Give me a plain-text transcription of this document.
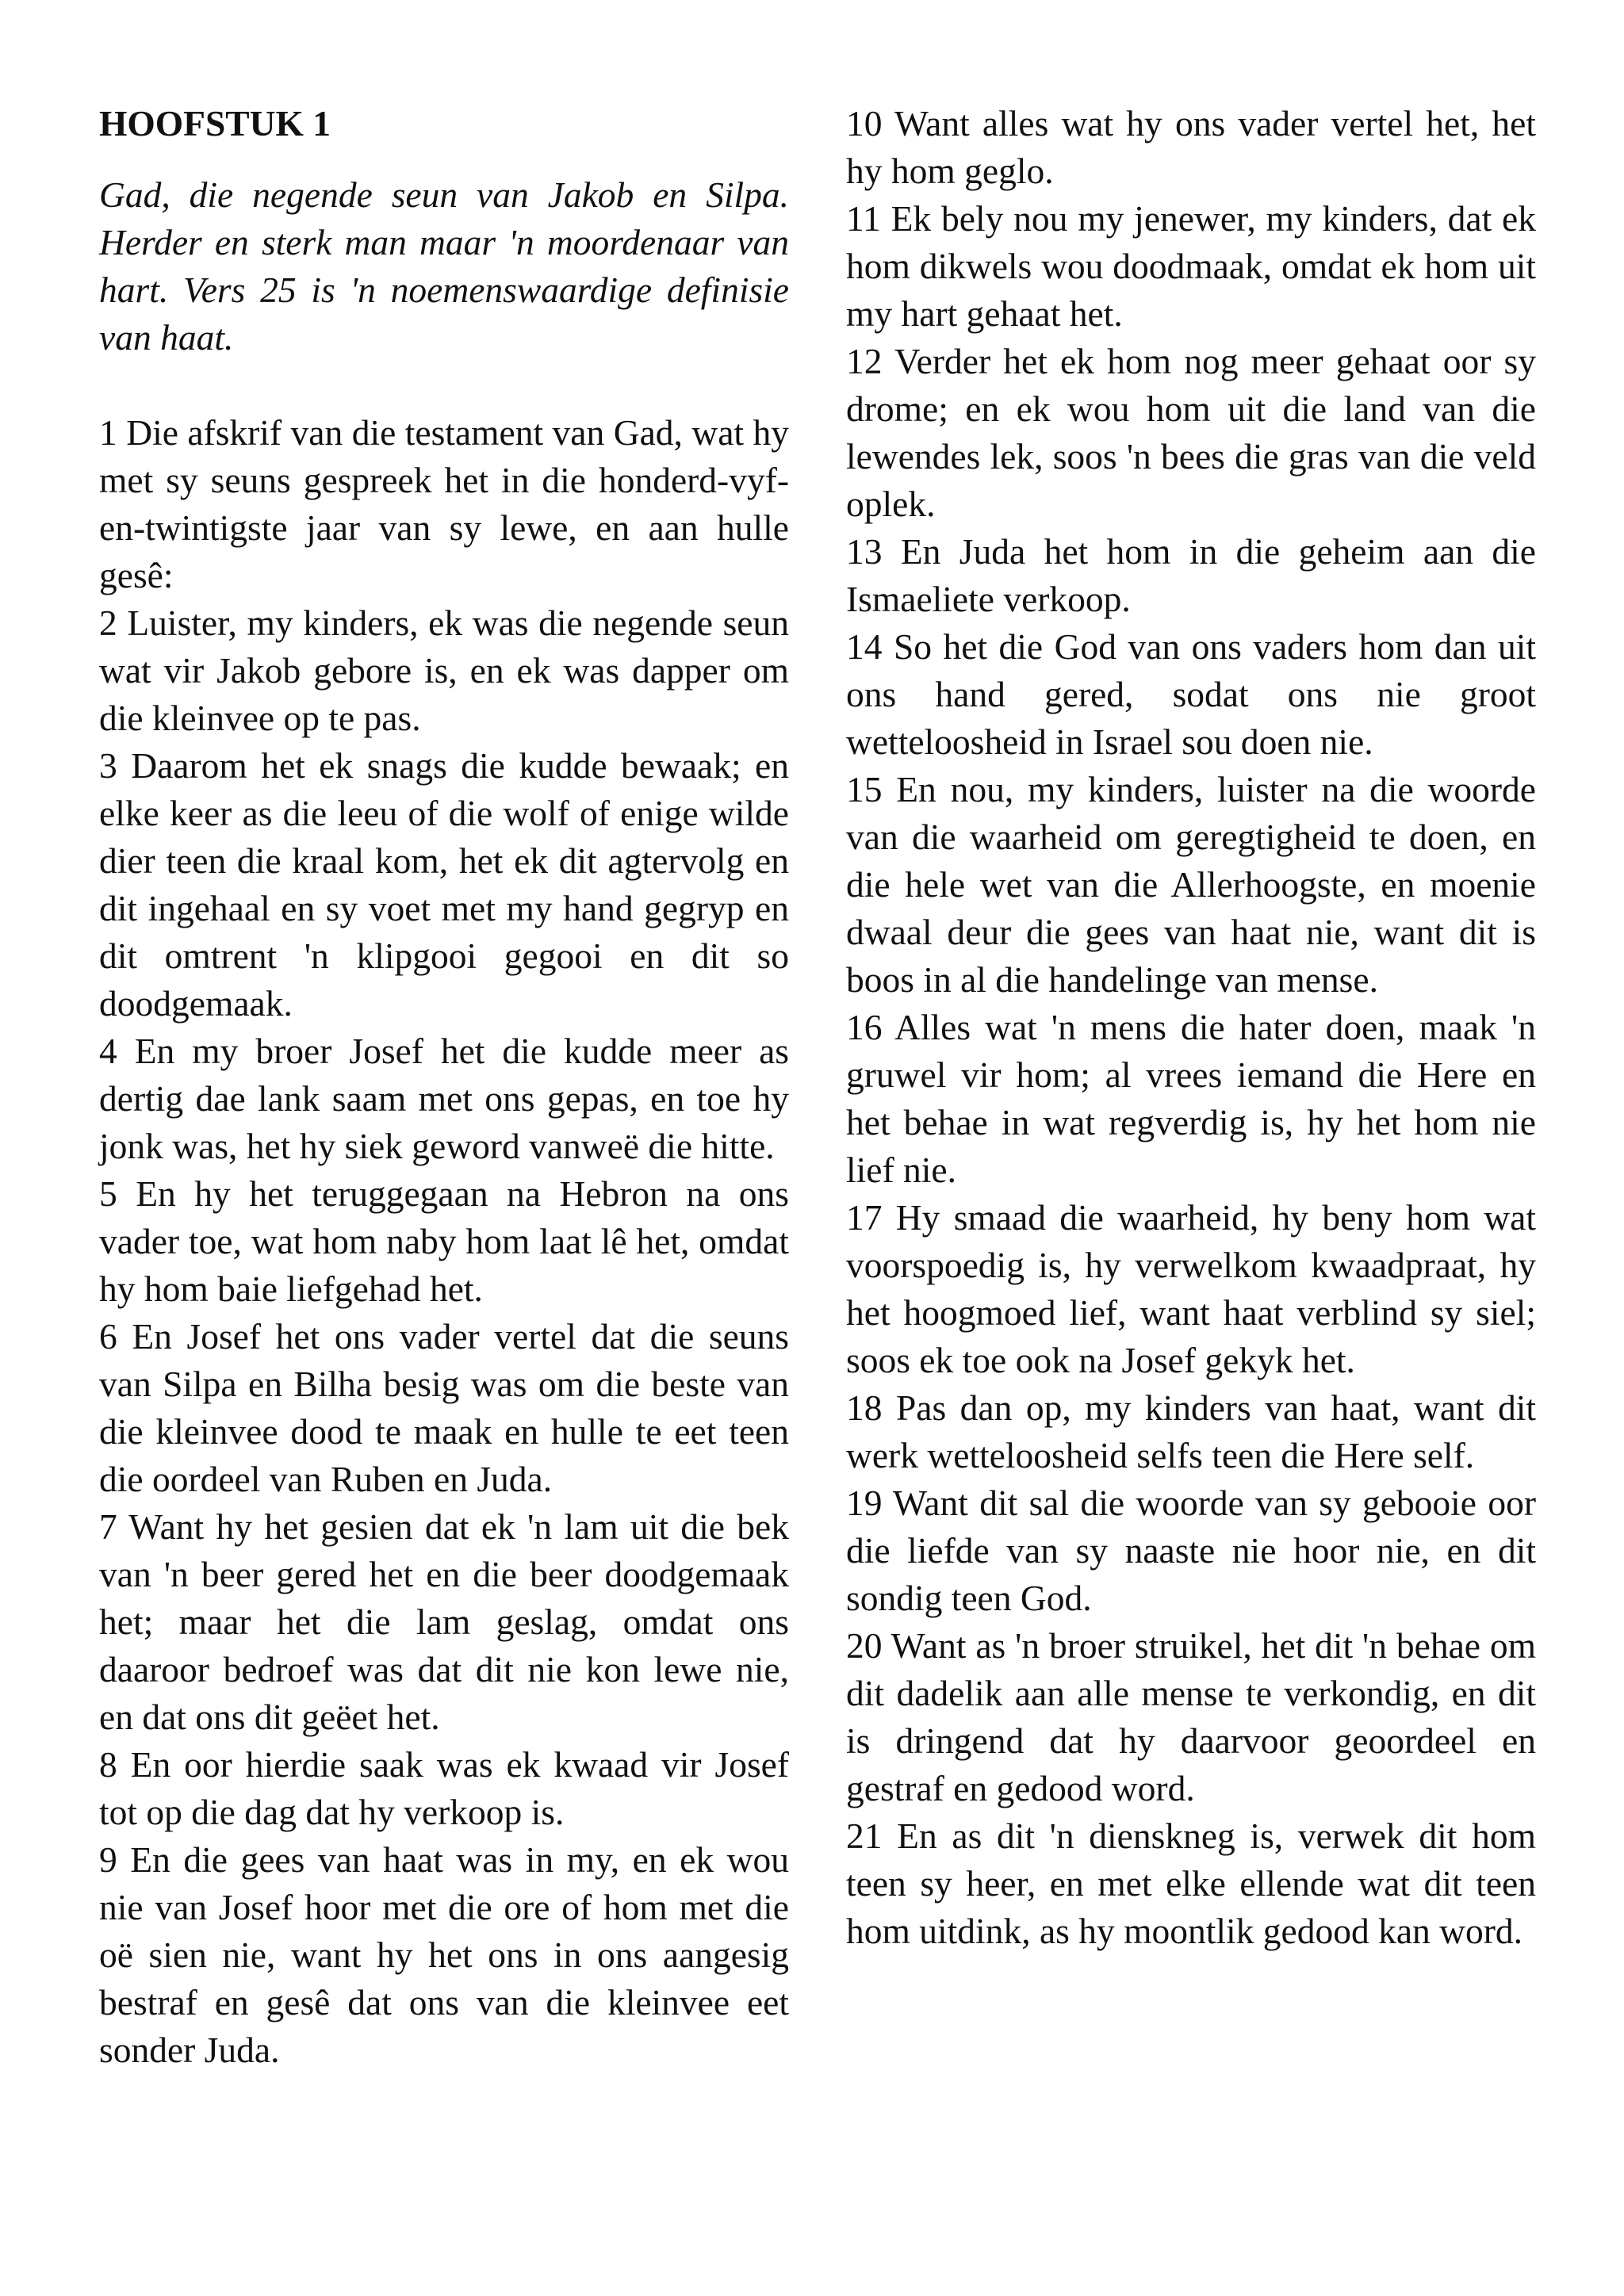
HOOFSTUK 1

Gad, die negende seun van Jakob en Silpa. Herder en sterk man maar 'n moordenaar van hart. Vers 25 is 'n noemenswaardige definisie van haat.

1 Die afskrif van die testament van Gad, wat hy met sy seuns gespreek het in die honderd-vyf-en-twintigste jaar van sy lewe, en aan hulle gesê:

2 Luister, my kinders, ek was die negende seun wat vir Jakob gebore is, en ek was dapper om die kleinvee op te pas.

3 Daarom het ek snags die kudde bewaak; en elke keer as die leeu of die wolf of enige wilde dier teen die kraal kom, het ek dit agtervolg en dit ingehaal en sy voet met my hand gegryp en dit omtrent 'n klipgooi gegooi en dit so doodgemaak.

4 En my broer Josef het die kudde meer as dertig dae lank saam met ons gepas, en toe hy jonk was, het hy siek geword vanweë die hitte.

5 En hy het teruggegaan na Hebron na ons vader toe, wat hom naby hom laat lê het, omdat hy hom baie liefgehad het.

6 En Josef het ons vader vertel dat die seuns van Silpa en Bilha besig was om die beste van die kleinvee dood te maak en hulle te eet teen die oordeel van Ruben en Juda.

7 Want hy het gesien dat ek 'n lam uit die bek van 'n beer gered het en die beer doodgemaak het; maar het die lam geslag, omdat ons daaroor bedroef was dat dit nie kon lewe nie, en dat ons dit geëet het.

8 En oor hierdie saak was ek kwaad vir Josef tot op die dag dat hy verkoop is.

9 En die gees van haat was in my, en ek wou nie van Josef hoor met die ore of hom met die oë sien nie, want hy het ons in ons aangesig bestraf en gesê dat ons van die kleinvee eet sonder Juda.

10 Want alles wat hy ons vader vertel het, het hy hom geglo.

11 Ek bely nou my jenewer, my kinders, dat ek hom dikwels wou doodmaak, omdat ek hom uit my hart gehaat het.

12 Verder het ek hom nog meer gehaat oor sy drome; en ek wou hom uit die land van die lewendes lek, soos 'n bees die gras van die veld oplek.

13 En Juda het hom in die geheim aan die Ismaeliete verkoop.

14 So het die God van ons vaders hom dan uit ons hand gered, sodat ons nie groot wetteloosheid in Israel sou doen nie.

15 En nou, my kinders, luister na die woorde van die waarheid om geregtigheid te doen, en die hele wet van die Allerhoogste, en moenie dwaal deur die gees van haat nie, want dit is boos in al die handelinge van mense.

16 Alles wat 'n mens die hater doen, maak 'n gruwel vir hom; al vrees iemand die Here en het behae in wat regverdig is, hy het hom nie lief nie.

17 Hy smaad die waarheid, hy beny hom wat voorspoedig is, hy verwelkom kwaadpraat, hy het hoogmoed lief, want haat verblind sy siel; soos ek toe ook na Josef gekyk het.

18 Pas dan op, my kinders van haat, want dit werk wetteloosheid selfs teen die Here self.

19 Want dit sal die woorde van sy gebooie oor die liefde van sy naaste nie hoor nie, en dit sondig teen God.

20 Want as 'n broer struikel, het dit 'n behae om dit dadelik aan alle mense te verkondig, en dit is dringend dat hy daarvoor geoordeel en gestraf en gedood word.

21 En as dit 'n dienskneg is, verwek dit hom teen sy heer, en met elke ellende wat dit teen hom uitdink, as hy moontlik gedood kan word.
